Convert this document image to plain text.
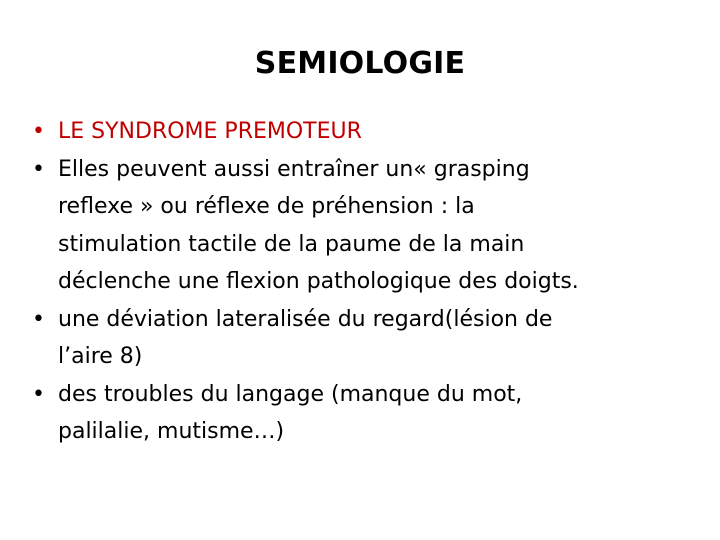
SEMIOLOGIE
• LE SYNDROME PREMOTEUR
• Elles peuvent aussi entraîner un« grasping
reflexe » ou réflexe de préhension : la
stimulation tactile de la paume de la main
déclenche une flexion pathologique des doigts.
• une déviation lateralisée du regard(lésion de
l’aire 8)
• des troubles du langage (manque du mot,
palilalie, mutisme…)
